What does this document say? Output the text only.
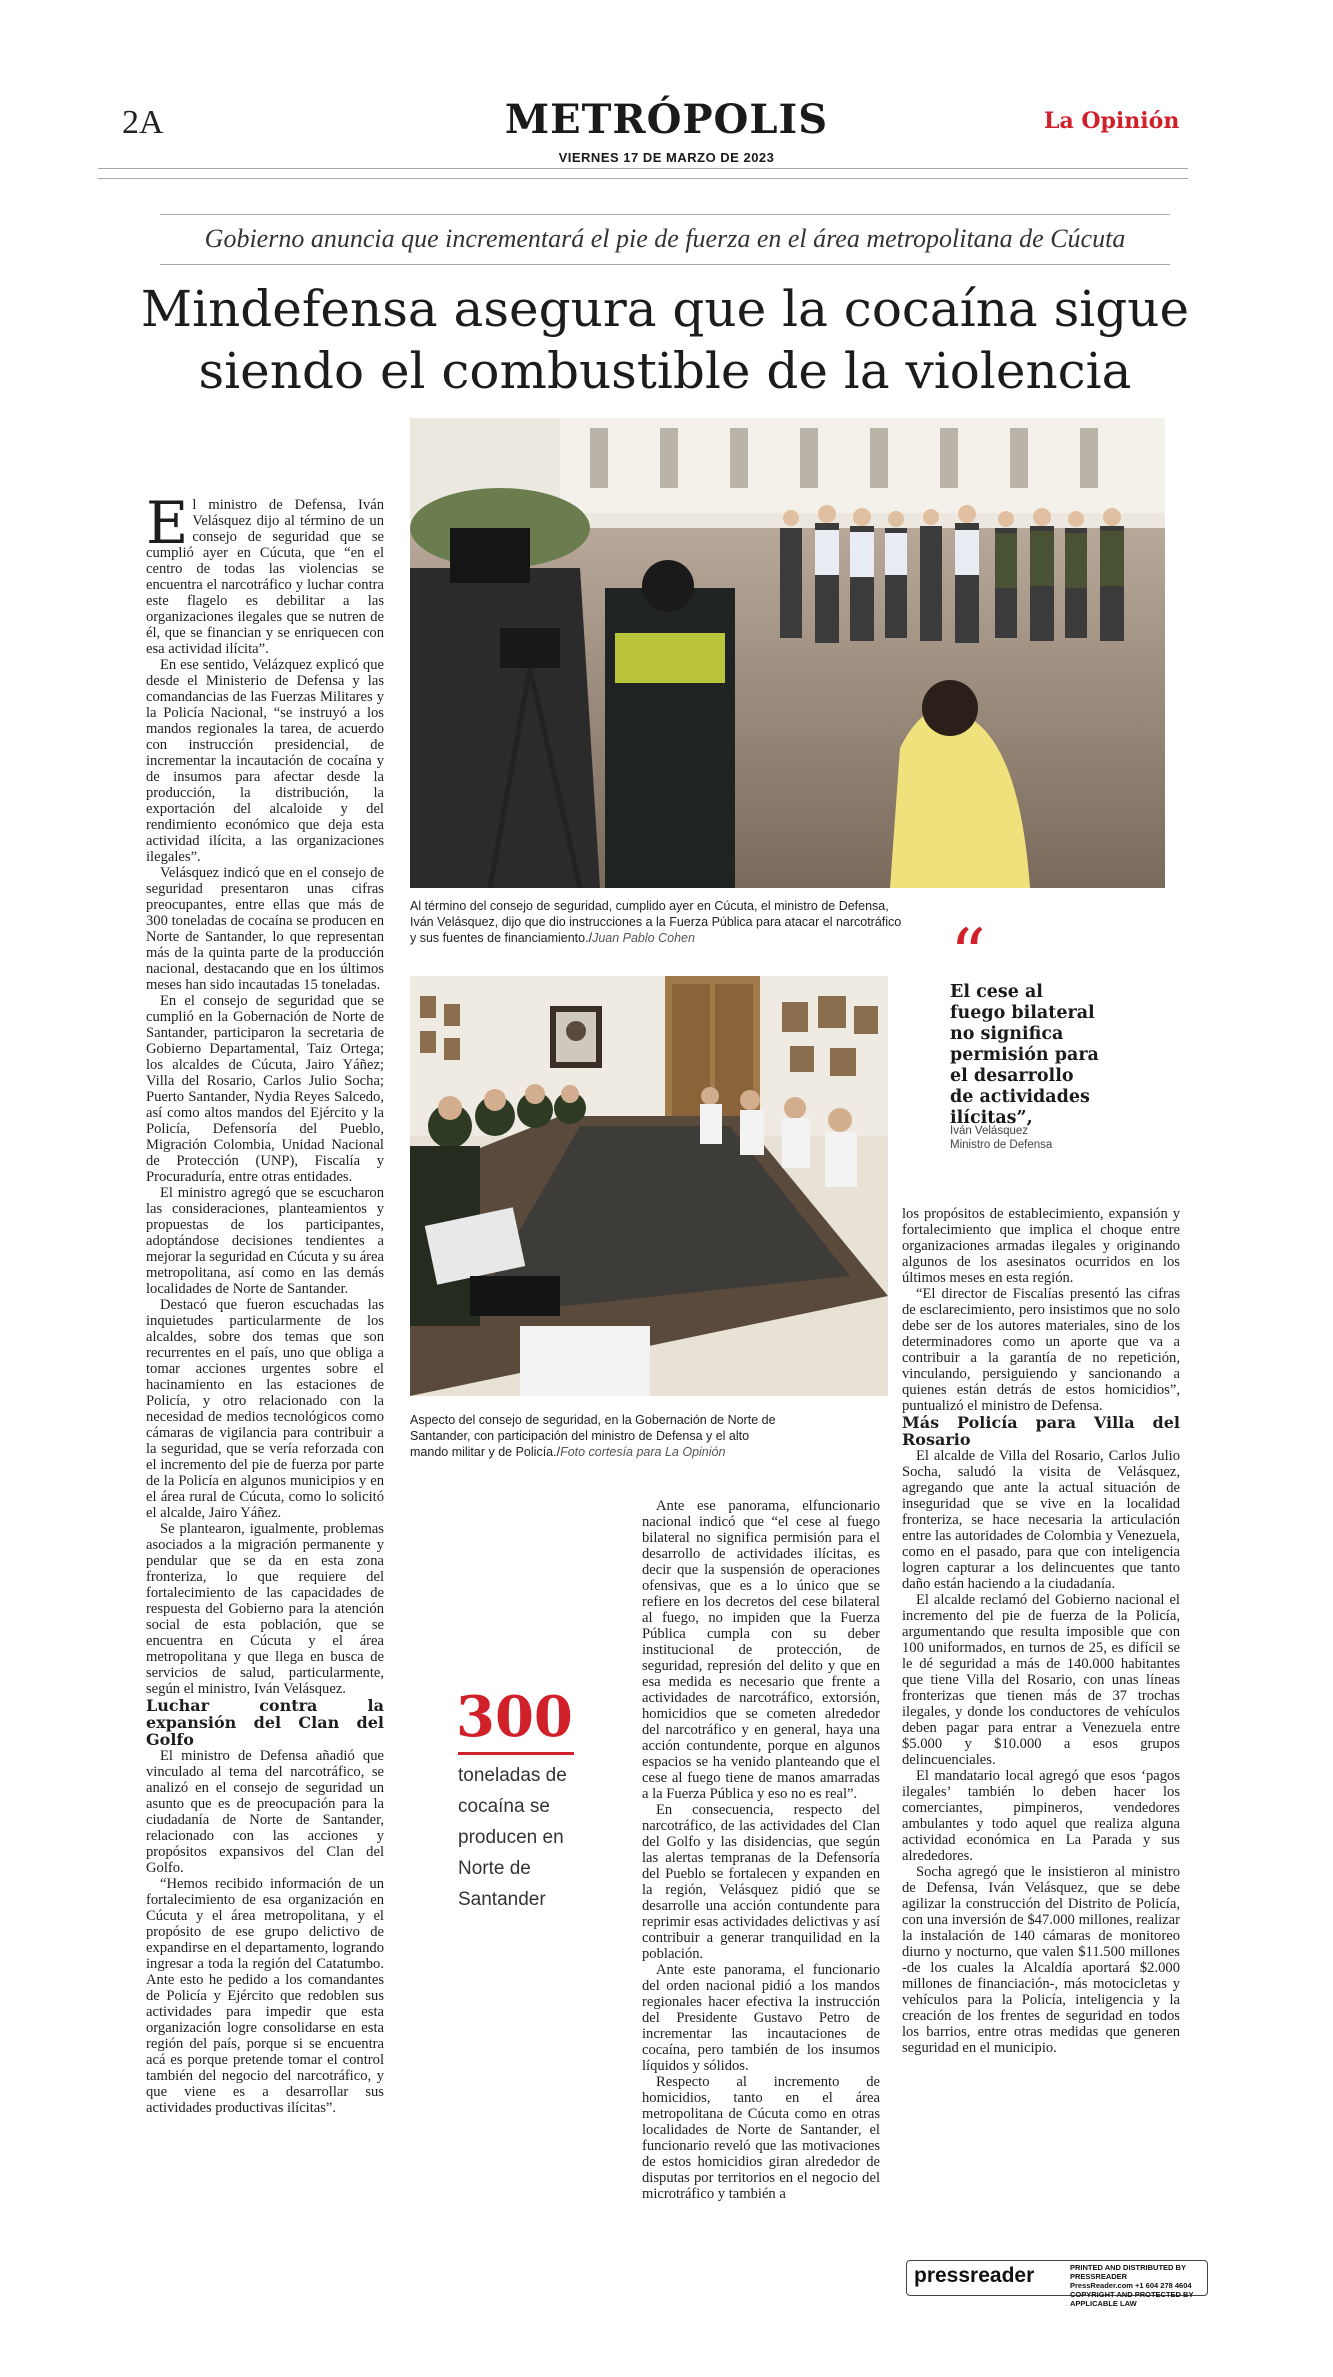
2A	METRÓPOLIS
VIERNES 17 DE MARZO DE 2023
La Opinión
Gobierno anuncia que incrementará el pie de fuerza en el área metropolitana de Cúcuta
Mindefensa asegura que la cocaína sigue siendo el combustible de la violencia
Al término del consejo de seguridad, cumplido ayer en Cúcuta, el ministro de Defensa, Iván Velásquez, dijo que dio instrucciones a la Fuerza Pública para atacar el narcotráfico y sus fuentes de financiamiento./Juan Pablo Cohen
Aspecto del consejo de seguridad, en la Gobernación de Norte de Santander, con participación del ministro de Defensa y el alto mando militar y de Policía./Foto cortesía para La Opinión
“
El cese al fuego bilateral no significa permisión para el desarrollo de actividades ilícitas”,
Iván Velásquez
Ministro de Defensa
300
toneladas de cocaína se producen en Norte de Santander

El ministro de Defensa, Iván Velásquez dijo al término de un consejo de seguridad que se cumplió ayer en Cúcuta, que “en el centro de todas las violencias se encuentra el narcotráfico y luchar contra este flagelo es debilitar a las organizaciones ilegales que se nutren de él, que se financian y se enriquecen con esa actividad ilícita”.

En ese sentido, Velázquez explicó que desde el Ministerio de Defensa y las comandancias de las Fuerzas Militares y la Policía Nacional, “se instruyó a los mandos regionales la tarea, de acuerdo con instrucción presidencial, de incrementar la incautación de cocaína y de insumos para afectar desde la producción, la distribución, la exportación del alcaloide y del rendimiento económico que deja esta actividad ilícita, a las organizaciones ilegales”.

Velásquez indicó que en el consejo de seguridad presentaron unas cifras preocupantes, entre ellas que más de 300 toneladas de cocaína se producen en Norte de Santander, lo que representan más de la quinta parte de la producción nacional, destacando que en los últimos meses han sido incautadas 15 toneladas.

En el consejo de seguridad que se cumplió en la Gobernación de Norte de Santander, participaron la secretaria de Gobierno Departamental, Taiz Ortega; los alcaldes de Cúcuta, Jairo Yáñez; Villa del Rosario, Carlos Julio Socha; Puerto Santander, Nydia Reyes Salcedo, así como altos mandos del Ejército y la Policía, Defensoría del Pueblo, Migración Colombia, Unidad Nacional de Protección (UNP), Fiscalía y Procuraduría, entre otras entidades.

El ministro agregó que se escucharon las consideraciones, planteamientos y propuestas de los participantes, adoptándose decisiones tendientes a mejorar la seguridad en Cúcuta y su área metropolitana, así como en las demás localidades de Norte de Santander.

Destacó que fueron escuchadas las inquietudes particularmente de los alcaldes, sobre dos temas que son recurrentes en el país, uno que obliga a tomar acciones urgentes sobre el hacinamiento en las estaciones de Policía, y otro relacionado con la necesidad de medios tecnológicos como cámaras de vigilancia para contribuir a la seguridad, que se vería reforzada con el incremento del pie de fuerza por parte de la Policía en algunos municipios y en el área rural de Cúcuta, como lo solicitó el alcalde, Jairo Yáñez.

Se plantearon, igualmente, problemas asociados a la migración permanente y pendular que se da en esta zona fronteriza, lo que requiere del fortalecimiento de las capacidades de respuesta del Gobierno para la atención social de esta población, que se encuentra en Cúcuta y el área metropolitana y que llega en busca de servicios de salud, particularmente, según el ministro, Iván Velásquez.

Luchar contra la expansión del Clan del Golfo

El ministro de Defensa añadió que vinculado al tema del narcotráfico, se analizó en el consejo de seguridad un asunto que es de preocupación para la ciudadanía de Norte de Santander, relacionado con las acciones y propósitos expansivos del Clan del Golfo.

“Hemos recibido información de un fortalecimiento de esa organización en Cúcuta y el área metropolitana, y el propósito de ese grupo delictivo de expandirse en el departamento, logrando ingresar a toda la región del Catatumbo. Ante esto he pedido a los comandantes de Policía y Ejército que redoblen sus actividades para impedir que esta organización logre consolidarse en esta región del país, porque si se encuentra acá es porque pretende tomar el control también del negocio del narcotráfico, y que viene es a desarrollar sus actividades productivas ilícitas”.

Ante ese panorama, elfuncionario nacional indicó que “el cese al fuego bilateral no significa permisión para el desarrollo de actividades ilícitas, es decir que la suspensión de operaciones ofensivas, que es a lo único que se refiere en los decretos del cese bilateral al fuego, no impiden que la Fuerza Pública cumpla con su deber institucional de protección, de seguridad, represión del delito y que en esa medida es necesario que frente a actividades de narcotráfico, extorsión, homicidios que se cometen alrededor del narcotráfico y en general, haya una acción contundente, porque en algunos espacios se ha venido planteando que el cese al fuego tiene de manos amarradas a la Fuerza Pública y eso no es real”.

En consecuencia, respecto del narcotráfico, de las actividades del Clan del Golfo y las disidencias, que según las alertas tempranas de la Defensoría del Pueblo se fortalecen y expanden en la región, Velásquez pidió que se desarrolle una acción contundente para reprimir esas actividades delictivas y así contribuir a generar tranquilidad en la población.

Ante este panorama, el funcionario del orden nacional pidió a los mandos regionales hacer efectiva la instrucción del Presidente Gustavo Petro de incrementar las incautaciones de cocaína, pero también de los insumos líquidos y sólidos.

Respecto al incremento de homicidios, tanto en el área metropolitana de Cúcuta como en otras localidades de Norte de Santander, el funcionario reveló que las motivaciones de estos homicidios giran alrededor de disputas por territorios en el negocio del microtráfico y también a

los propósitos de establecimiento, expansión y fortalecimiento que implica el choque entre organizaciones armadas ilegales y originando algunos de los asesinatos ocurridos en los últimos meses en esta región.

“El director de Fiscalías presentó las cifras de esclarecimiento, pero insistimos que no solo debe ser de los autores materiales, sino de los determinadores como un aporte que va a contribuir a la garantía de no repetición, vinculando, persiguiendo y sancionando a quienes están detrás de estos homicidios”, puntualizó el ministro de Defensa.

Más Policía para Villa del Rosario

El alcalde de Villa del Rosario, Carlos Julio Socha, saludó la visita de Velásquez, agregando que ante la actual situación de inseguridad que se vive en la localidad fronteriza, se hace necesaria la articulación entre las autoridades de Colombia y Venezuela, como en el pasado, para que con inteligencia logren capturar a los delincuentes que tanto daño están haciendo a la ciudadanía.

El alcalde reclamó del Gobierno nacional el incremento del pie de fuerza de la Policía, argumentando que resulta imposible que con 100 uniformados, en turnos de 25, es difícil se le dé seguridad a más de 140.000 habitantes que tiene Villa del Rosario, con unas líneas fronterizas que tienen más de 37 trochas ilegales, y donde los conductores de vehículos deben pagar para entrar a Venezuela entre $5.000 y $10.000 a esos grupos delincuenciales.

El mandatario local agregó que esos ‘pagos ilegales’ también lo deben hacer los comerciantes, pimpineros, vendedores ambulantes y todo aquel que realiza alguna actividad económica en La Parada y sus alrededores.

Socha agregó que le insistieron al ministro de Defensa, Iván Velásquez, que se debe agilizar la construcción del Distrito de Policía, con una inversión de $47.000 millones, realizar la instalación de 140 cámaras de monitoreo diurno y nocturno, que valen $11.500 millones -de los cuales la Alcaldía aportará $2.000 millones de financiación-, más motocicletas y vehículos para la Policía, inteligencia y la creación de los frentes de seguridad en todos los barrios, entre otras medidas que generen seguridad en el municipio.

pressreader	PRINTED AND DISTRIBUTED BY PRESSREADER
PressReader.com +1 604 278 4604
COPYRIGHT AND PROTECTED BY APPLICABLE LAW
